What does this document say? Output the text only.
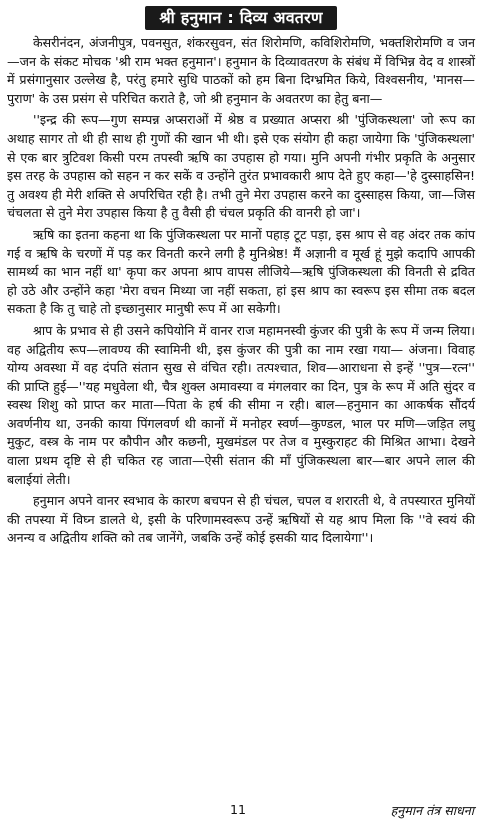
श्री हनुमान : दिव्य अवतरण

केसरीनंदन, अंजनीपुत्र, पवनसुत, शंकरसुवन, संत शिरोमणि, कविशिरोमणि, भक्तशिरोमणि व जन—जन के संकट मोचक 'श्री राम भक्त हनुमान'। हनुमान के दिव्यावतरण के संबंध में विभिन्न वेद व शास्त्रों में प्रसंगानुसार उल्लेख है, परंतु हमारे सुधि पाठकों को हम बिना दिग्भ्रमित किये, विश्वसनीय, 'मानस—पुराण' के उस प्रसंग से परिचित कराते है, जो श्री हनुमान के अवतरण का हेतु बना—

''इन्द्र की रूप—गुण सम्पन्न अप्सराओं में श्रेष्ठ व प्रख्यात अप्सरा श्री 'पुंजिकस्थला' जो रूप का अथाह सागर तो थी ही साथ ही गुणों की खान भी थी। इसे एक संयोग ही कहा जायेगा कि 'पुंजिकस्थला' से एक बार त्रुटिवश किसी परम तपस्वी ऋषि का उपहास हो गया। मुनि अपनी गंभीर प्रकृति के अनुसार इस तरह के उपहास को सहन न कर सकें व उन्होंने तुरंत प्रभावकारी श्राप देते हुए कहा—'हे दुस्साहसिन!तु अवश्य ही मेरी शक्ति से अपरिचित रही है। तभी तुने मेरा उपहास करने का दुस्साहस किया, जा—जिस चंचलता से तुने मेरा उपहास किया है तु वैसी ही चंचल प्रकृति की वानरी हो जा'।

ऋषि का इतना कहना था कि पुंजिकस्थला पर मानों पहाड़ टूट पड़ा, इस श्राप से वह अंदर तक कांप गई व ऋषि के चरणों में पड़ कर विनती करने लगी है मुनिश्रेष्ठ! मैं अज्ञानी व मूर्ख हूं मुझे कदापि आपकी सामर्थ्य का भान नहीं था' कृपा कर अपना श्राप वापस लीजिये—ऋषि पुंजिकस्थला की विनती से द्रवित हो उठे और उन्होंने कहा 'मेरा वचन मिथ्या जा नहीं सकता, हां इस श्राप का स्वरूप इस सीमा तक बदल सकता है कि तु चाहे तो इच्छानुसार मानुषी रूप में आ सकेगी।

श्राप के प्रभाव से ही उसने कपियोनि में वानर राज महामनस्वी कुंजर की पुत्री के रूप में जन्म लिया। वह अद्वितीय रूप—लावण्य की स्वामिनी थी, इस कुंजर की पुत्री का नाम रखा गया— अंजना। विवाह योग्य अवस्था में वह दंपति संतान सुख से वंचित रही। तत्पश्चात, शिव—आराधना से इन्हें ''पुत्र—रत्न'' की प्राप्ति हुई—''यह मधुवेला थी, चैत्र शुक्ल अमावस्या व मंगलवार का दिन, पुत्र के रूप में अति सुंदर व स्वस्थ शिशु को प्राप्त कर माता—पिता के हर्ष की सीमा न रही। बाल—हनुमान का आकर्षक सौंदर्य अवर्णनीय था, उनकी काया पिंगलवर्ण थी कानों में मनोहर स्वर्ण—कुण्डल, भाल पर मणि—जड़ित लघु मुकुट, वस्त्र के नाम पर कौपीन और कछनी, मुखमंडल पर तेज व मुस्कुराहट की मिश्रित आभा। देखने वाला प्रथम दृष्टि से ही चकित रह जाता—ऐसी संतान की माँ पुंजिकस्थला बार—बार अपने लाल की बलाईयां लेती।

हनुमान अपने वानर स्वभाव के कारण बचपन से ही चंचल, चपल व शरारती थे, वे तपस्यारत मुनियों की तपस्या में विघ्न डालते थे, इसी के परिणामस्वरूप उन्हें ऋषियों से यह श्राप मिला कि ''वे स्वयं की अनन्य व अद्वितीय शक्ति को तब जानेंगे, जबकि उन्हें कोई इसकी याद दिलायेगा''।

11	हनुमान तंत्र साधना
